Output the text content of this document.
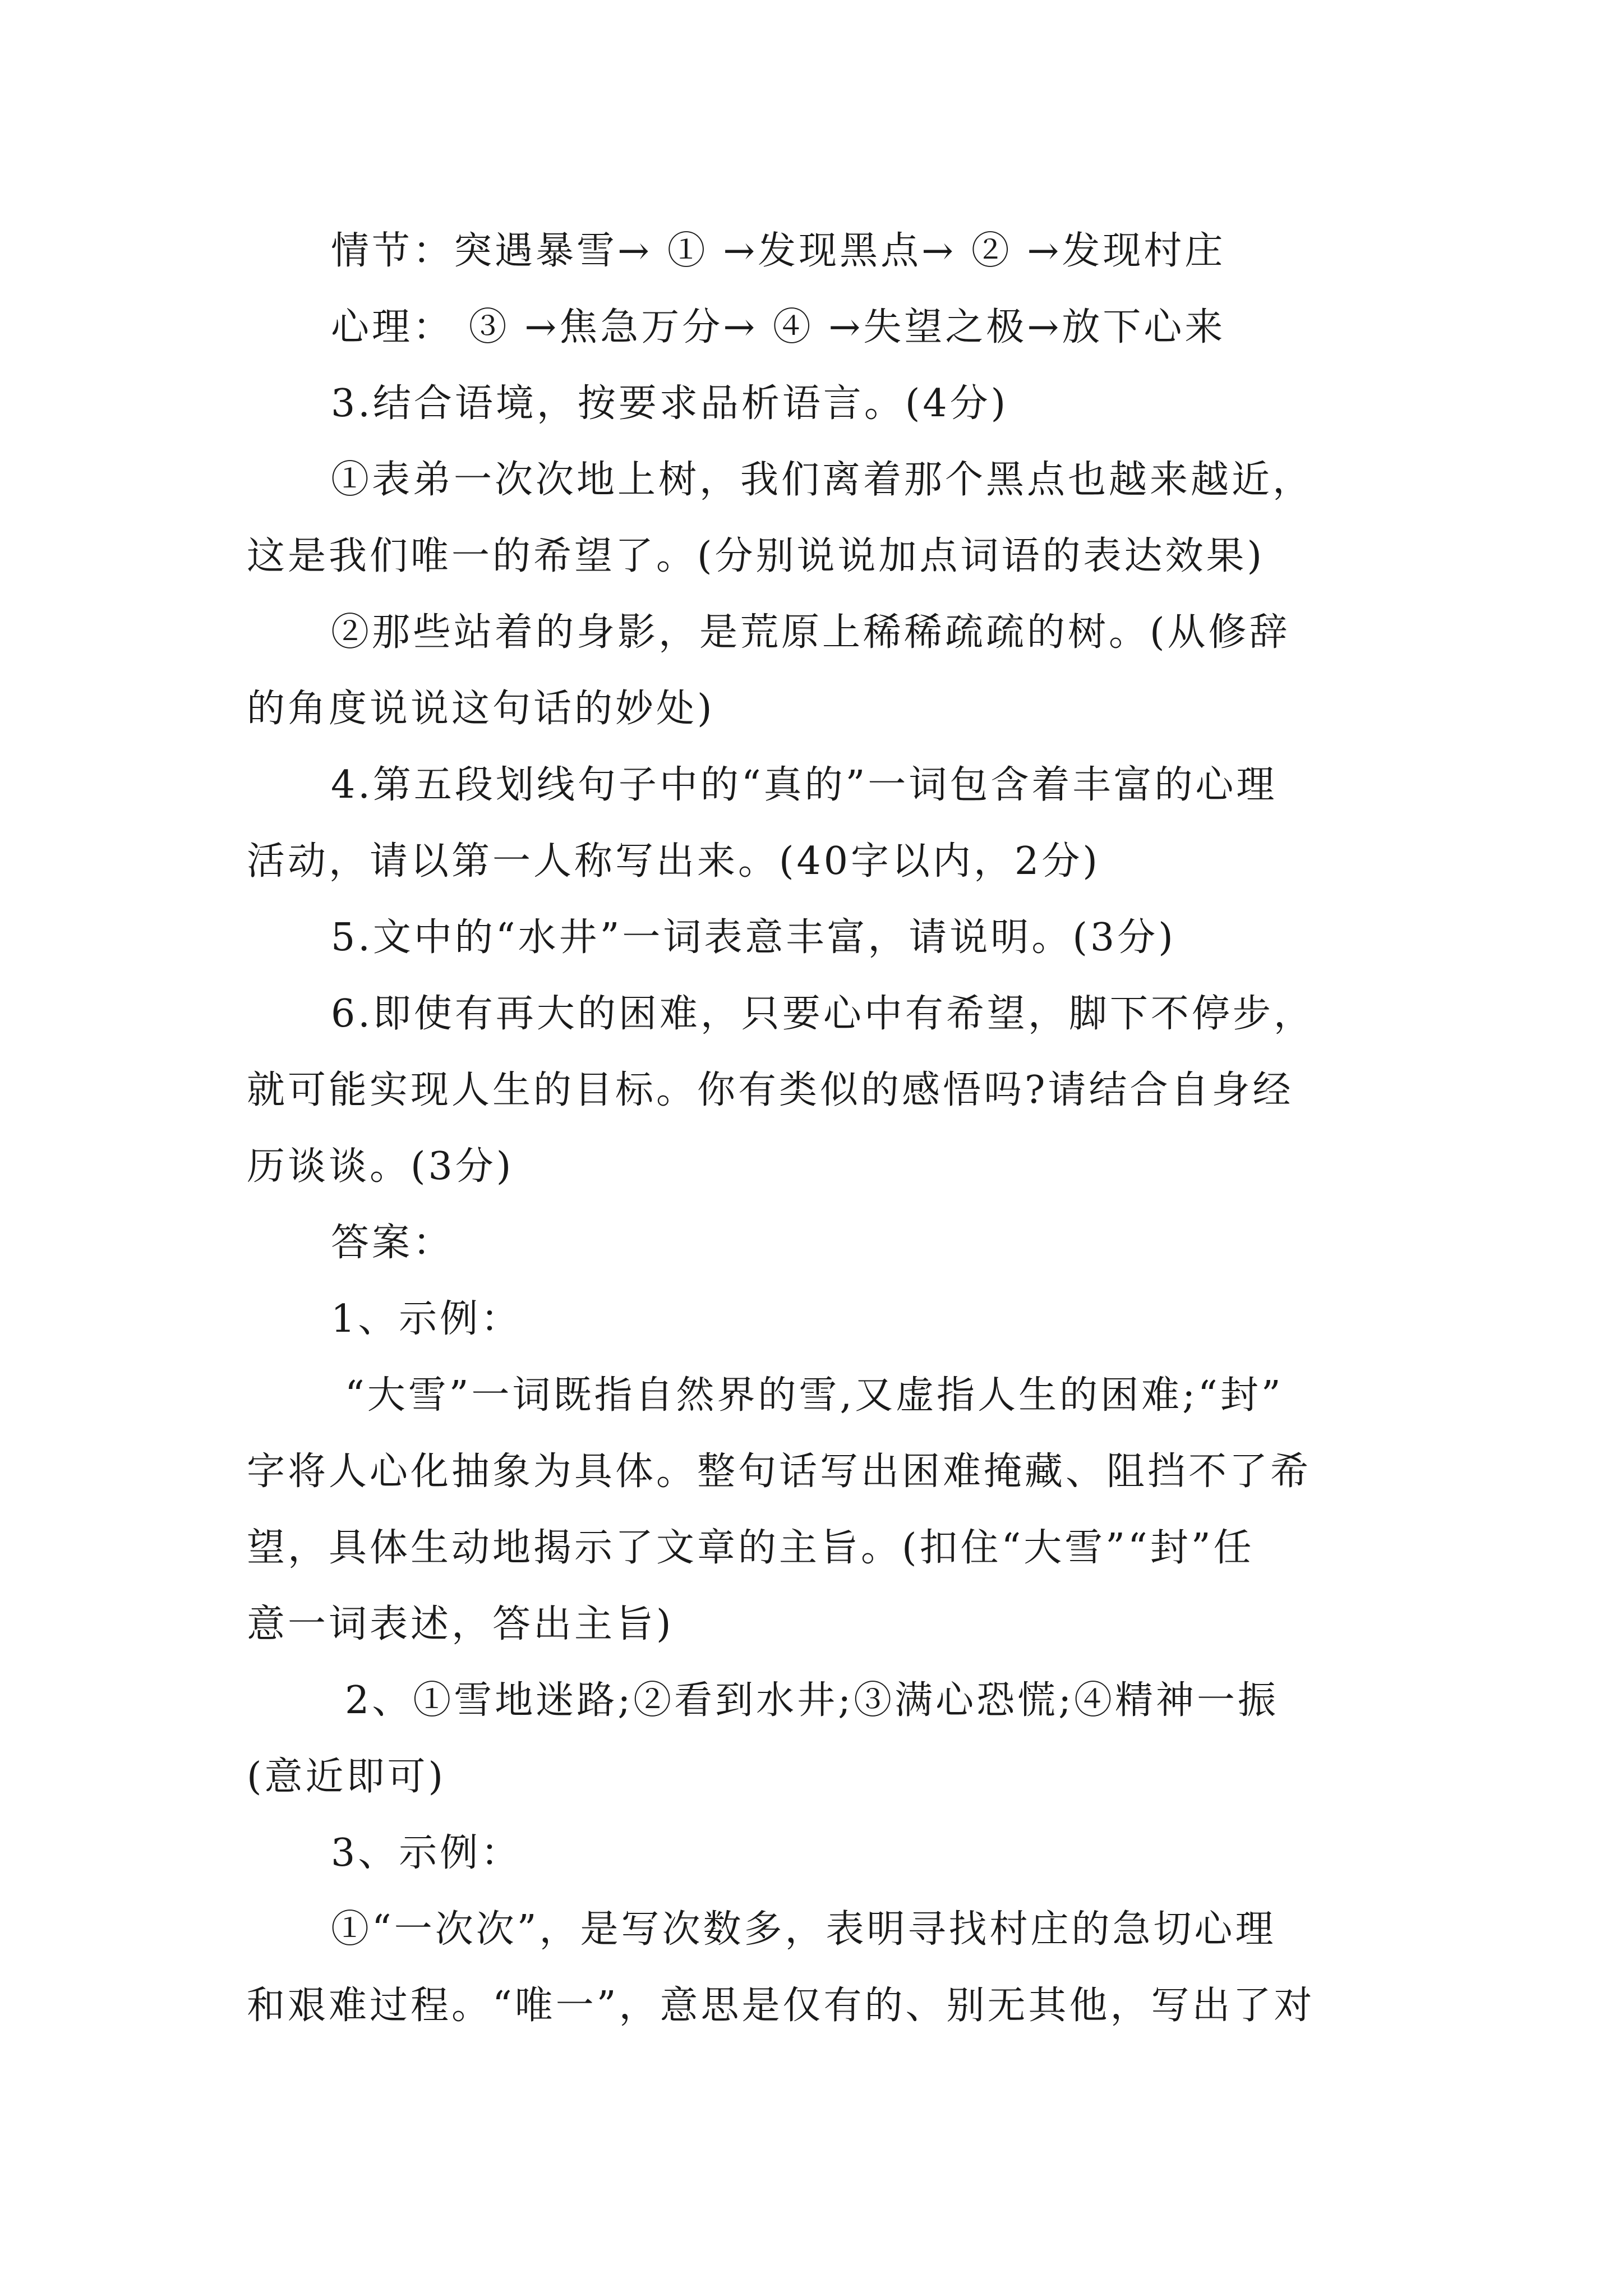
情节：突遇暴雪→ ① →发现黑点→ ② →发现村庄
心理： ③ →焦急万分→ ④ →失望之极→放下心来
3.结合语境，按要求品析语言。(4分)
①表弟一次次地上树，我们离着那个黑点也越来越近，
这是我们唯一的希望了。(分别说说加点词语的表达效果)
②那些站着的身影，是荒原上稀稀疏疏的树。(从修辞
的角度说说这句话的妙处)
4.第五段划线句子中的“真的”一词包含着丰富的心理
活动，请以第一人称写出来。(40字以内，2分)
5.文中的“水井”一词表意丰富，请说明。(3分)
6.即使有再大的困难，只要心中有希望，脚下不停步，
就可能实现人生的目标。你有类似的感悟吗?请结合自身经
历谈谈。(3分)
答案：
1、示例：
“大雪”一词既指自然界的雪,又虚指人生的困难;“封”
字将人心化抽象为具体。整句话写出困难掩藏、阻挡不了希
望，具体生动地揭示了文章的主旨。(扣住“大雪”“封”任
意一词表述，答出主旨)
2、①雪地迷路;②看到水井;③满心恐慌;④精神一振
(意近即可)
3、示例：
①“一次次”，是写次数多，表明寻找村庄的急切心理
和艰难过程。“唯一”，意思是仅有的、别无其他，写出了对
